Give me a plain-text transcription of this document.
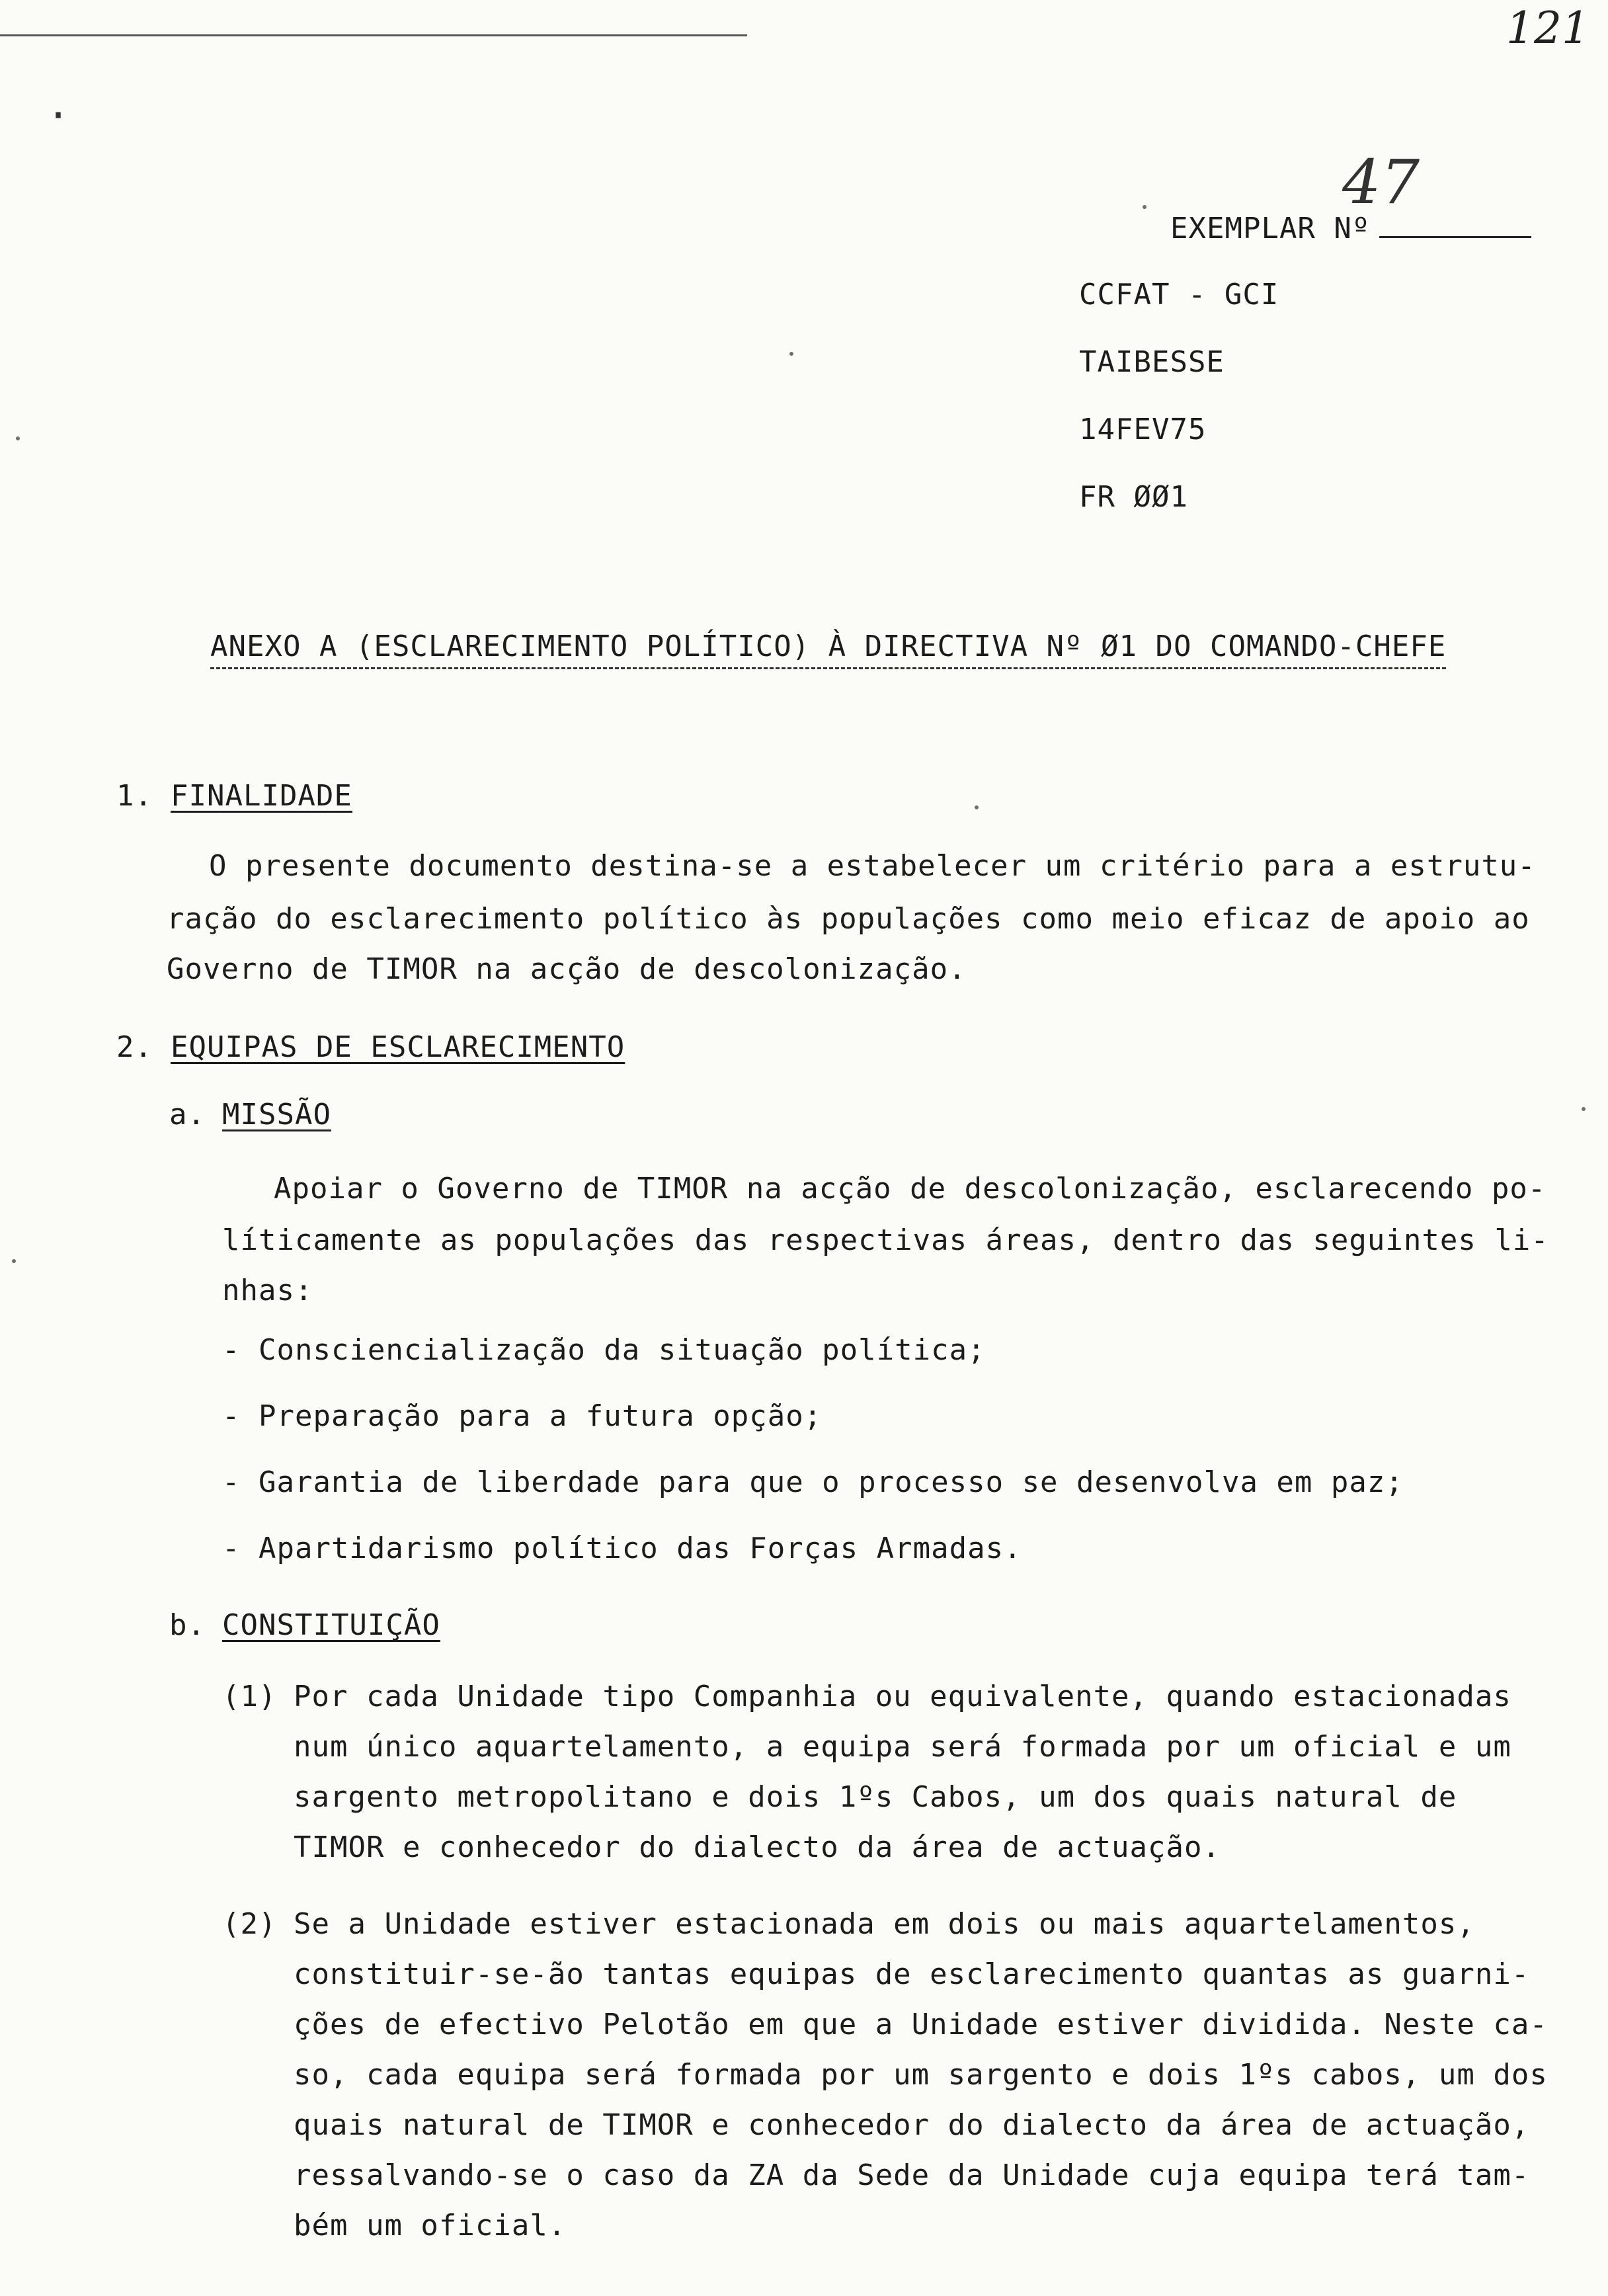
121
·
EXEMPLAR Nº
47
CCFAT - GCI
TAIBESSE
14FEV75
FR ØØ1
ANEXO A (ESCLARECIMENTO POLÍTICO) À DIRECTIVA Nº Ø1 DO COMANDO-CHEFE
1. FINALIDADE
O presente documento destina-se a estabelecer um critério para a estrutu-
ração do esclarecimento político às populações como meio eficaz de apoio ao
Governo de TIMOR na acção de descolonização.
2. EQUIPAS DE ESCLARECIMENTO
a. MISSÃO
Apoiar o Governo de TIMOR na acção de descolonização, esclarecendo po-
líticamente as populações das respectivas áreas, dentro das seguintes li-
nhas:
- Consciencialização da situação política;
- Preparação para a futura opção;
- Garantia de liberdade para que o processo se desenvolva em paz;
- Apartidarismo político das Forças Armadas.
b. CONSTITUIÇÃO
(1) Por cada Unidade tipo Companhia ou equivalente, quando estacionadas
num único aquartelamento, a equipa será formada por um oficial e um
sargento metropolitano e dois 1ºs Cabos, um dos quais natural de
TIMOR e conhecedor do dialecto da área de actuação.
(2) Se a Unidade estiver estacionada em dois ou mais aquartelamentos,
constituir-se-ão tantas equipas de esclarecimento quantas as guarni-
ções de efectivo Pelotão em que a Unidade estiver dividida. Neste ca-
so, cada equipa será formada por um sargento e dois 1ºs cabos, um dos
quais natural de TIMOR e conhecedor do dialecto da área de actuação,
ressalvando-se o caso da ZA da Sede da Unidade cuja equipa terá tam-
bém um oficial.
